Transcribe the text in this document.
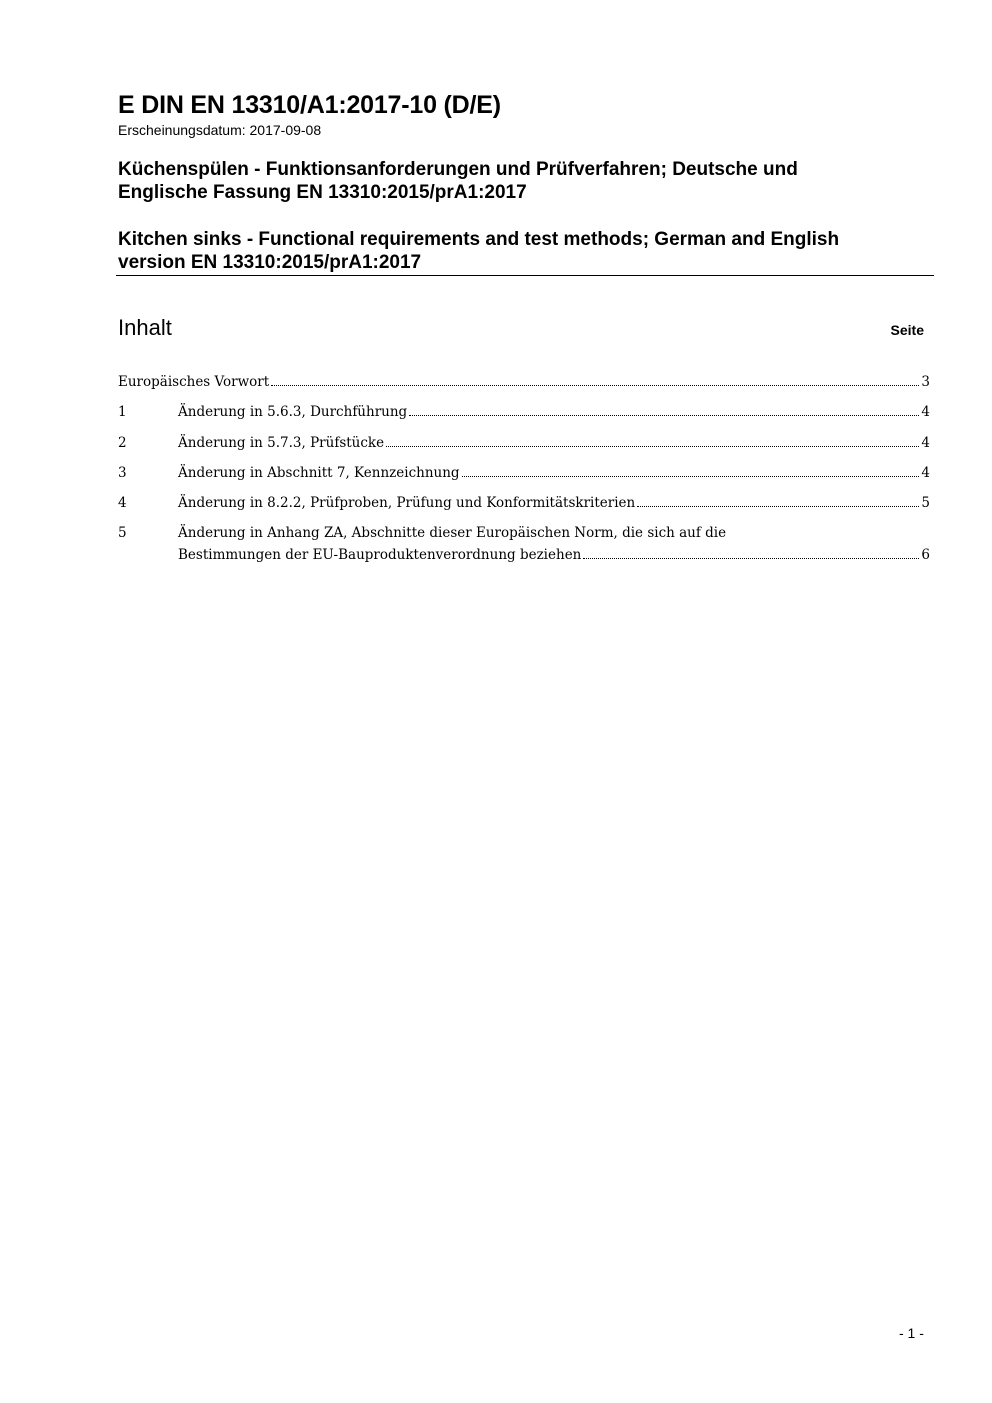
E DIN EN 13310/A1:2017-10 (D/E)
Erscheinungsdatum: 2017-09-08
Küchenspülen - Funktionsanforderungen und Prüfverfahren; Deutsche und
Englische Fassung EN 13310:2015/prA1:2017
Kitchen sinks - Functional requirements and test methods; German and English
version EN 13310:2015/prA1:2017
Inhalt	Seite
Europäisches Vorwort	3
1	Änderung in 5.6.3, Durchführung	4
2	Änderung in 5.7.3, Prüfstücke	4
3	Änderung in Abschnitt 7, Kennzeichnung	4
4	Änderung in 8.2.2, Prüfproben, Prüfung und Konformitätskriterien	5
5	Änderung in Anhang ZA, Abschnitte dieser Europäischen Norm, die sich auf die
Bestimmungen der EU-Bauproduktenverordnung beziehen	6
- 1 -
